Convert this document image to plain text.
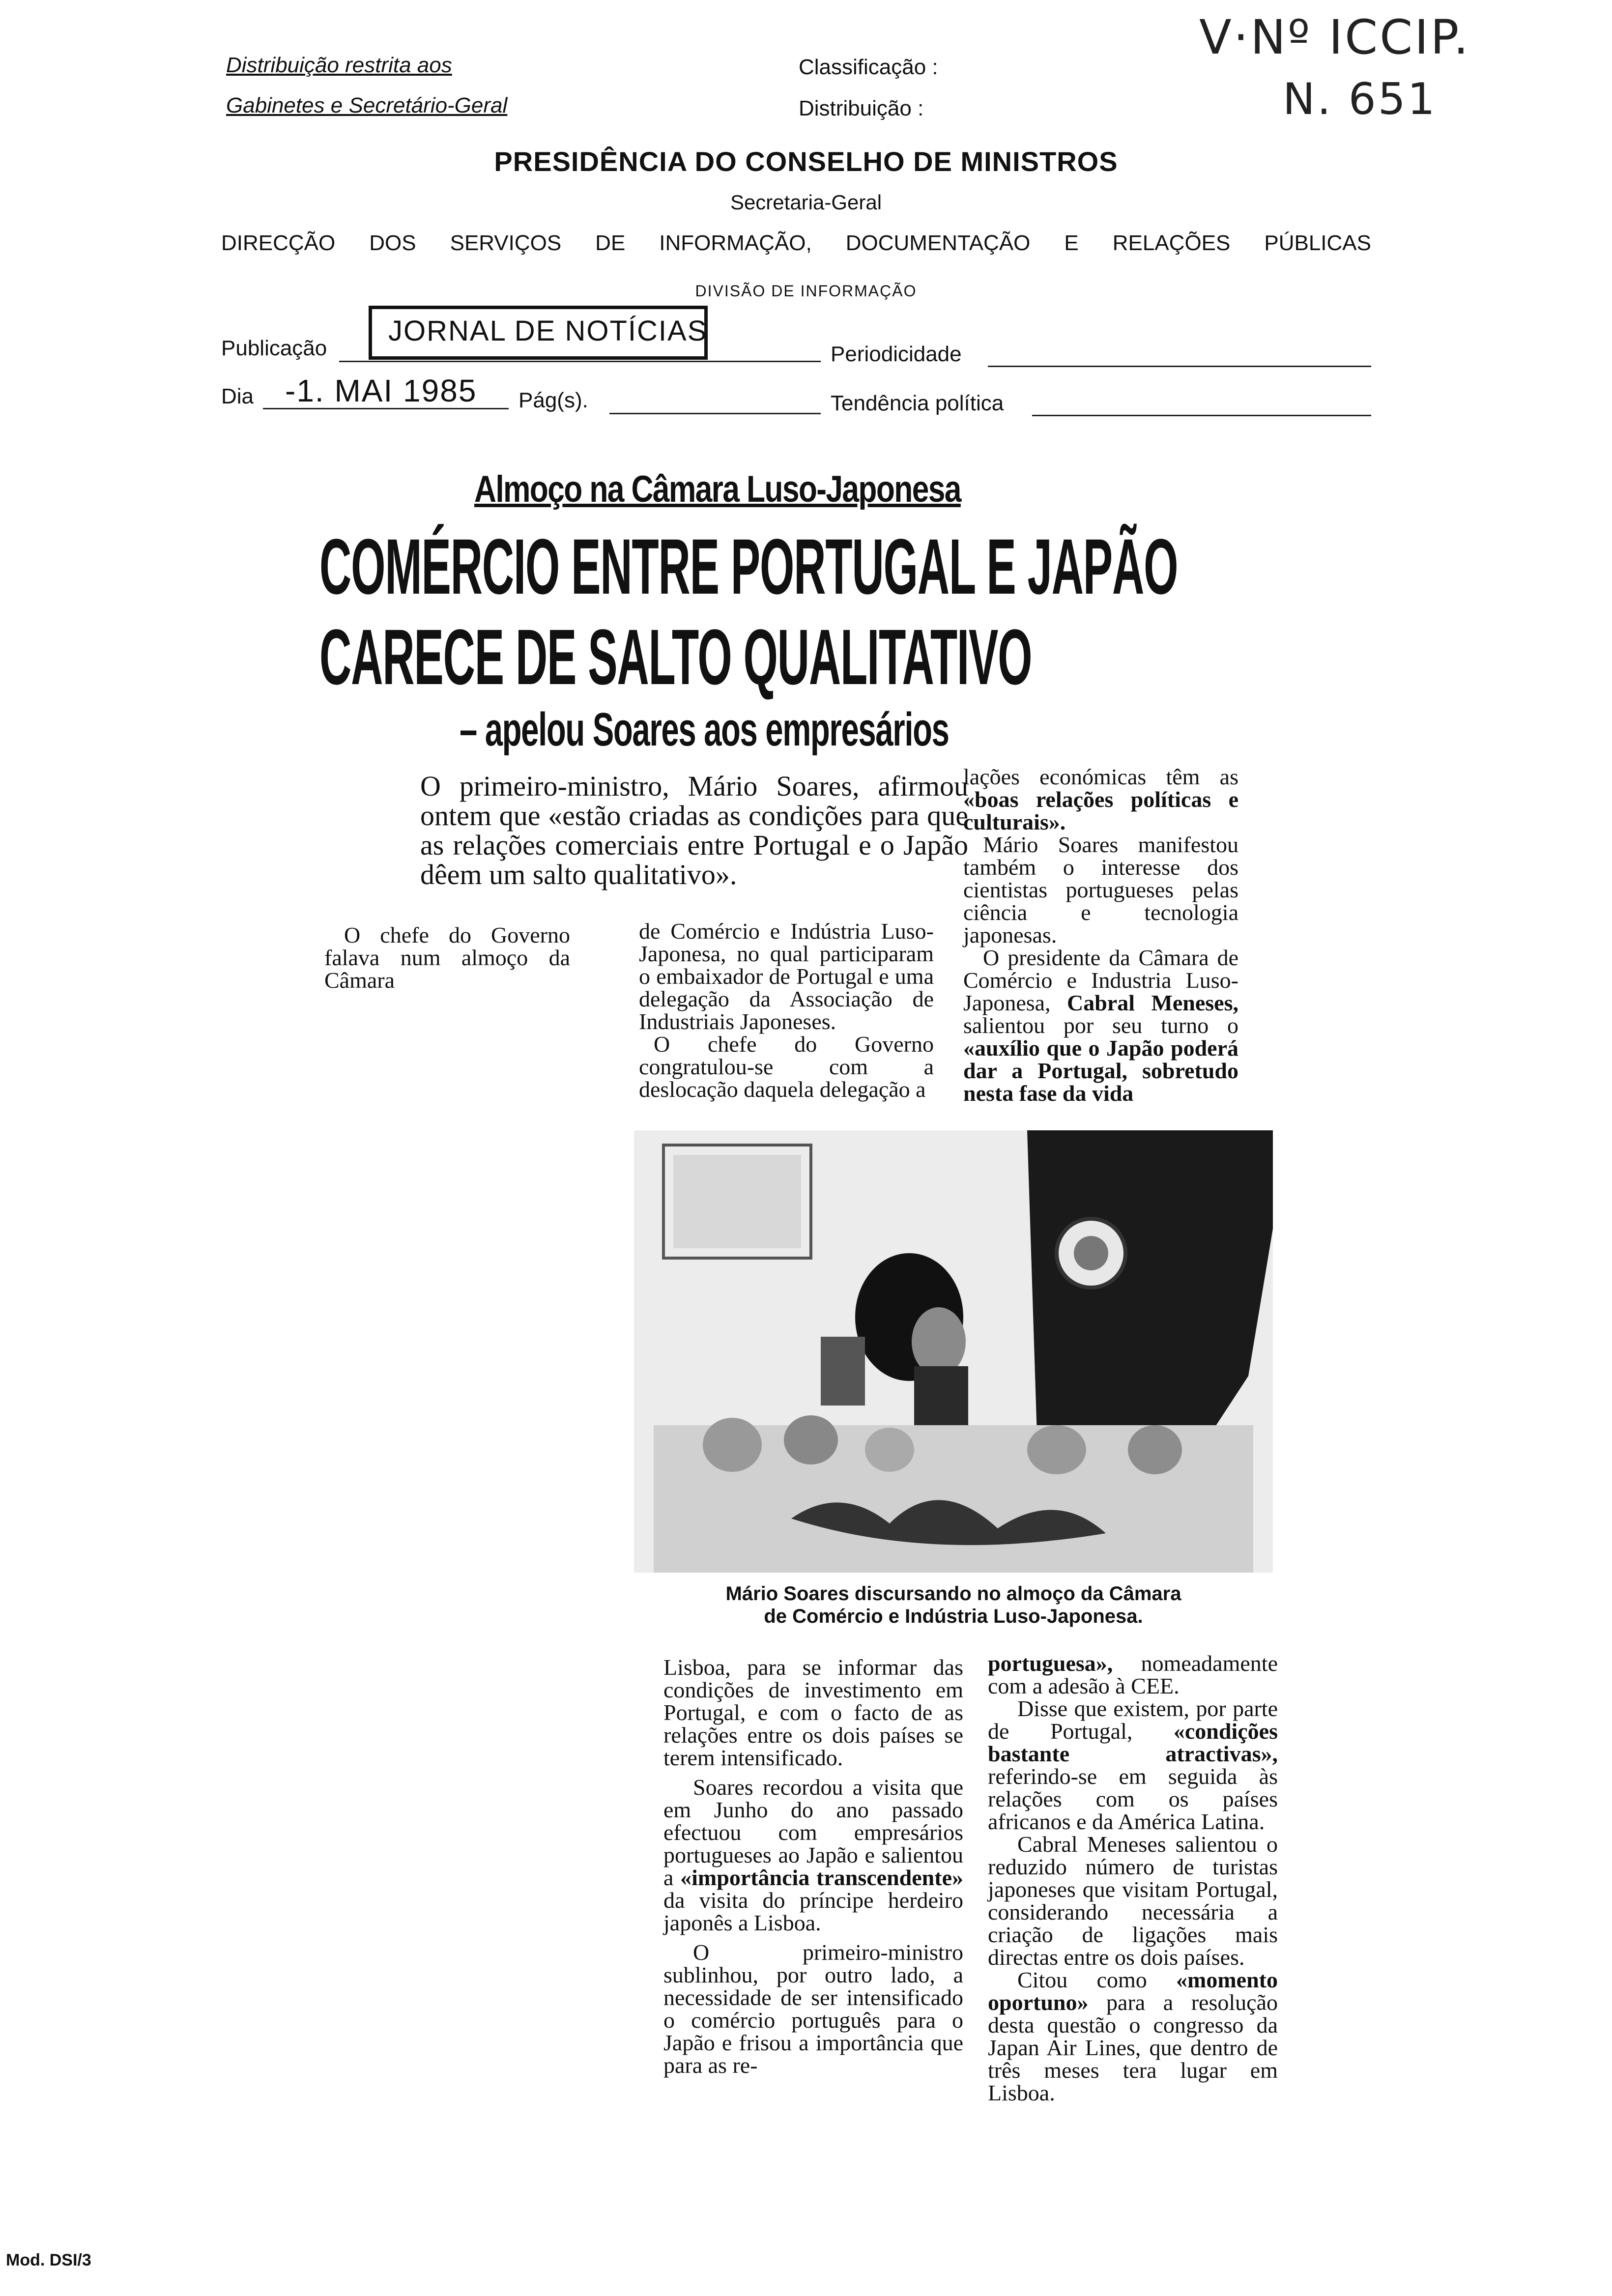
Distribuição restrita aos
Gabinetes e Secretário-Geral
Classificação :
Distribuição :
V·Nº ICCIP.
N. 651
PRESIDÊNCIA DO CONSELHO DE MINISTROS
Secretaria-Geral
DIRECÇÃO DOS SERVIÇOS DE INFORMAÇÃO, DOCUMENTAÇÃO E RELAÇÕES PÚBLICAS
DIVISÃO DE INFORMAÇÃO
Publicação
JORNAL DE NOTÍCIAS
Periodicidade
Dia -1. MAI 1985 Pág(s).	Tendência política
Almoço na Câmara Luso-Japonesa
COMÉRCIO ENTRE PORTUGAL E JAPÃO
CARECE DE SALTO QUALITATIVO
– apelou Soares aos empresários
O primeiro-ministro, Mário Soares, afirmou ontem que «estão criadas as condições para que as relações comerciais entre Portugal e o Japão dêem um salto qualitativo».

O chefe do Governo falava num almoço da Câmara

de Comércio e Indústria Luso-Japonesa, no qual participaram o embaixador de Portugal e uma delegação da Associação de Industriais Japoneses.

O chefe do Governo congratulou-se com a deslocação daquela delegação a

lações económicas têm as «boas relações políticas e culturais».

Mário Soares manifestou também o interesse dos cientistas portugueses pelas ciência e tecnologia japonesas.

O presidente da Câmara de Comércio e Industria Luso-Japonesa, Cabral Meneses, salientou por seu turno o «auxílio que o Japão poderá dar a Portugal, sobretudo nesta fase da vida

Mário Soares discursando no almoço da Câmara
de Comércio e Indústria Luso-Japonesa.

Lisboa, para se informar das condições de investimento em Portugal, e com o facto de as relações entre os dois países se terem intensificado.

Soares recordou a visita que em Junho do ano passado efectuou com empresários portugueses ao Japão e salientou a «importância transcendente» da visita do príncipe herdeiro japonês a Lisboa.

O primeiro-ministro sublinhou, por outro lado, a necessidade de ser intensificado o comércio português para o Japão e frisou a importância que para as re-

portuguesa», nomeadamente com a adesão à CEE.

Disse que existem, por parte de Portugal, «condições bastante atractivas», referindo-se em seguida às relações com os países africanos e da América Latina.

Cabral Meneses salientou o reduzido número de turistas japoneses que visitam Portugal, considerando necessária a criação de ligações mais directas entre os dois países.

Citou como «momento oportuno» para a resolução desta questão o congresso da Japan Air Lines, que dentro de três meses tera lugar em Lisboa.

Mod. DSI/3
